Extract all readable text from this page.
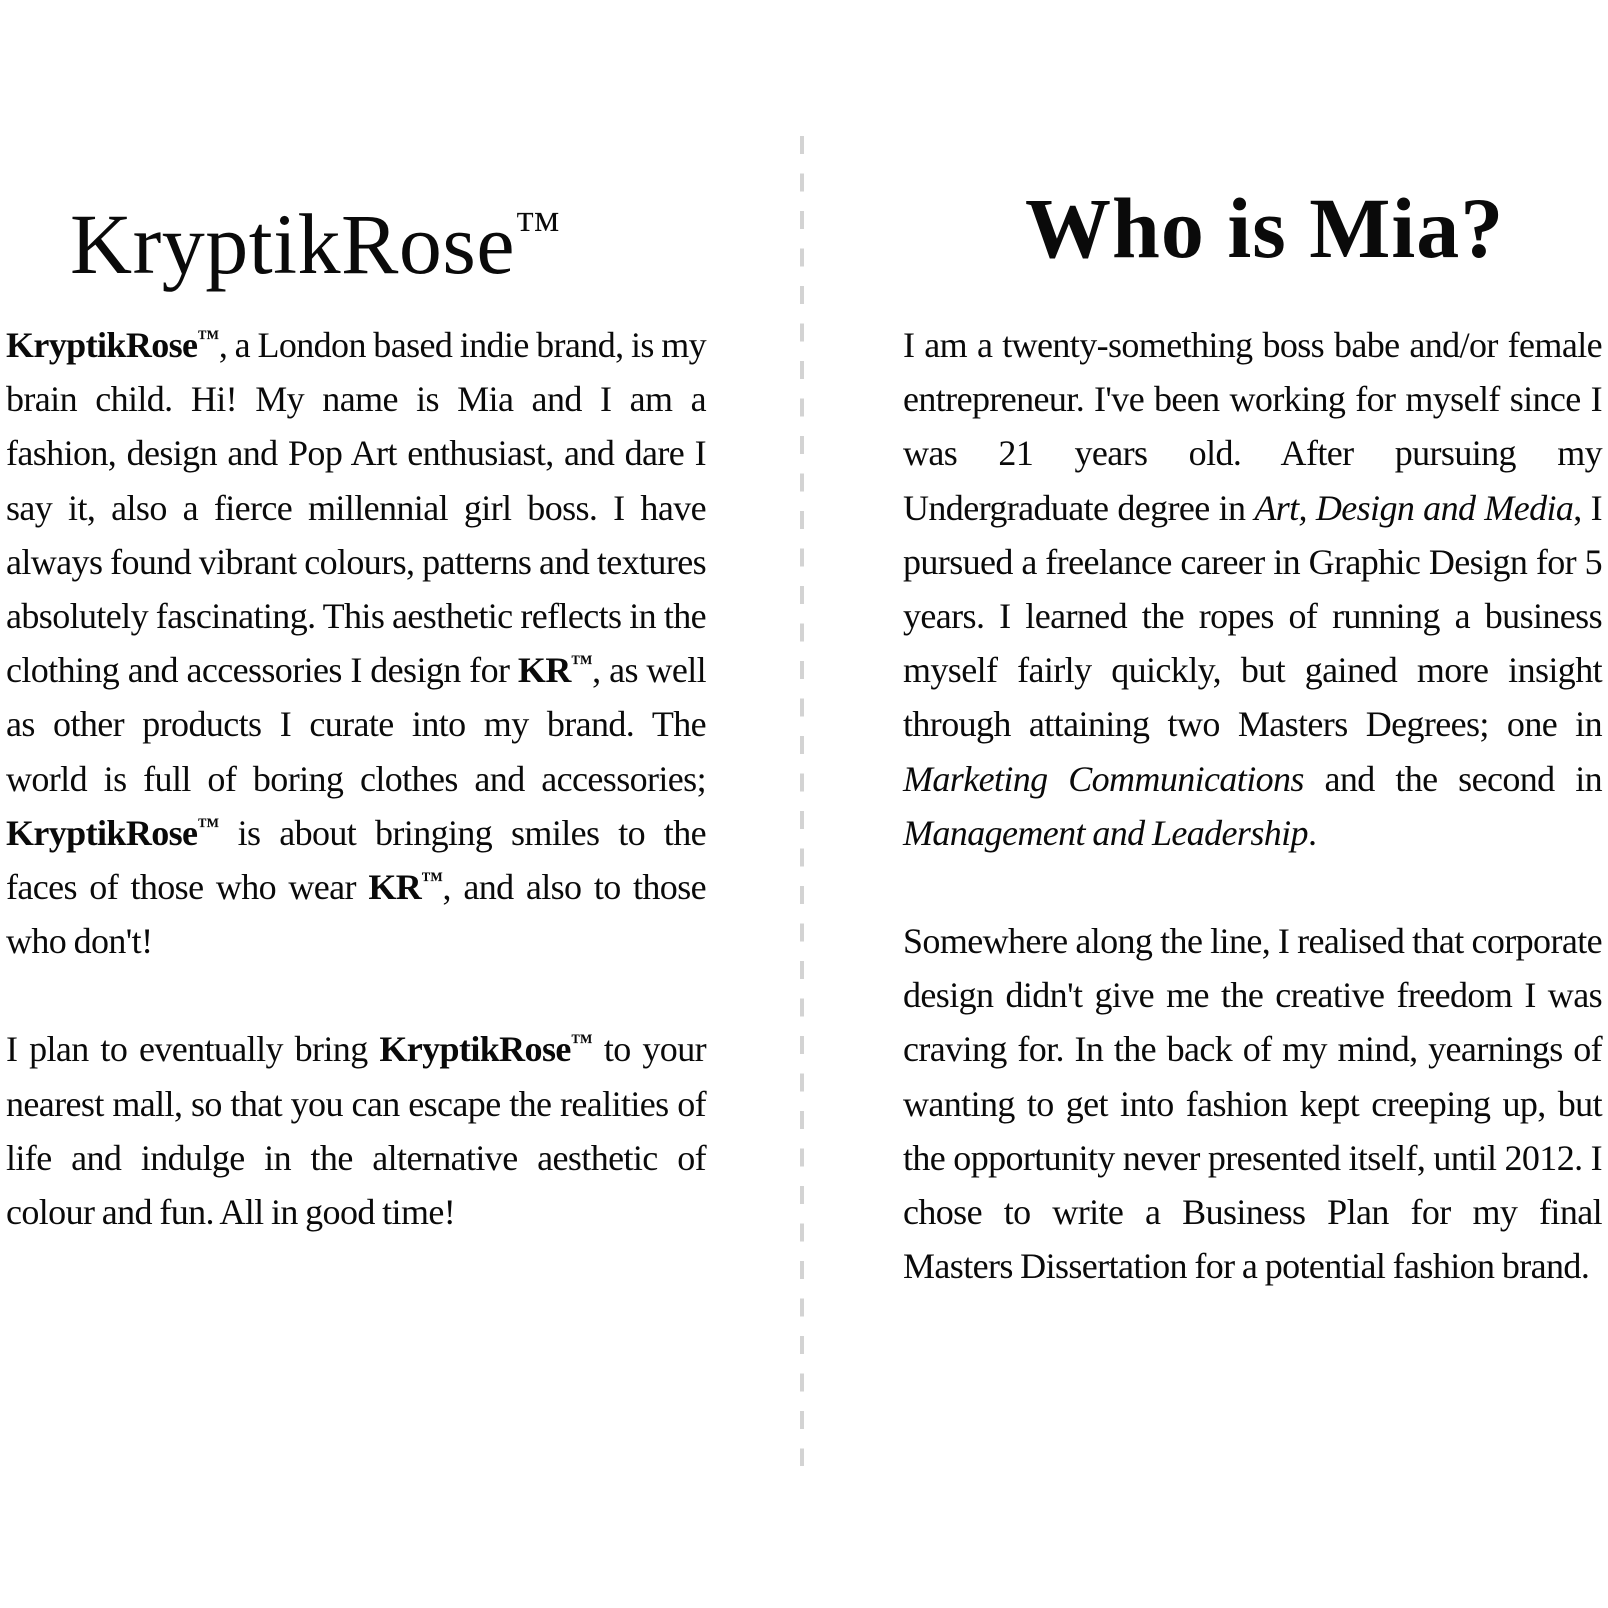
KryptikRose™

KryptikRose™, a London based indie brand, is my brain child. Hi! My name is Mia and I am a fashion, design and Pop Art enthusiast, and dare I say it, also a fierce millennial girl boss. I have always found vibrant colours, patterns and textures absolutely fascinating. This aesthetic reflects in the clothing and accessories I design for KR™, as well as other products I curate into my brand. The world is full of boring clothes and accessories; KryptikRose™ is about bringing smiles to the faces of those who wear KR™, and also to those who don't!

I plan to eventually bring KryptikRose™ to your nearest mall, so that you can escape the realities of life and indulge in the alternative aesthetic of colour and fun. All in good time!

Who is Mia?

I am a twenty-something boss babe and/or female entrepreneur. I've been working for myself since I was 21 years old. After pursuing my Undergraduate degree in Art, Design and Media, I pursued a freelance career in Graphic Design for 5 years. I learned the ropes of running a business myself fairly quickly, but gained more insight through attaining two Masters Degrees; one in Marketing Communications and the second in Management and Leadership.

Somewhere along the line, I realised that corporate design didn't give me the creative freedom I was craving for. In the back of my mind, yearnings of wanting to get into fashion kept creeping up, but the opportunity never presented itself, until 2012. I chose to write a Business Plan for my final Masters Dissertation for a potential fashion brand.
